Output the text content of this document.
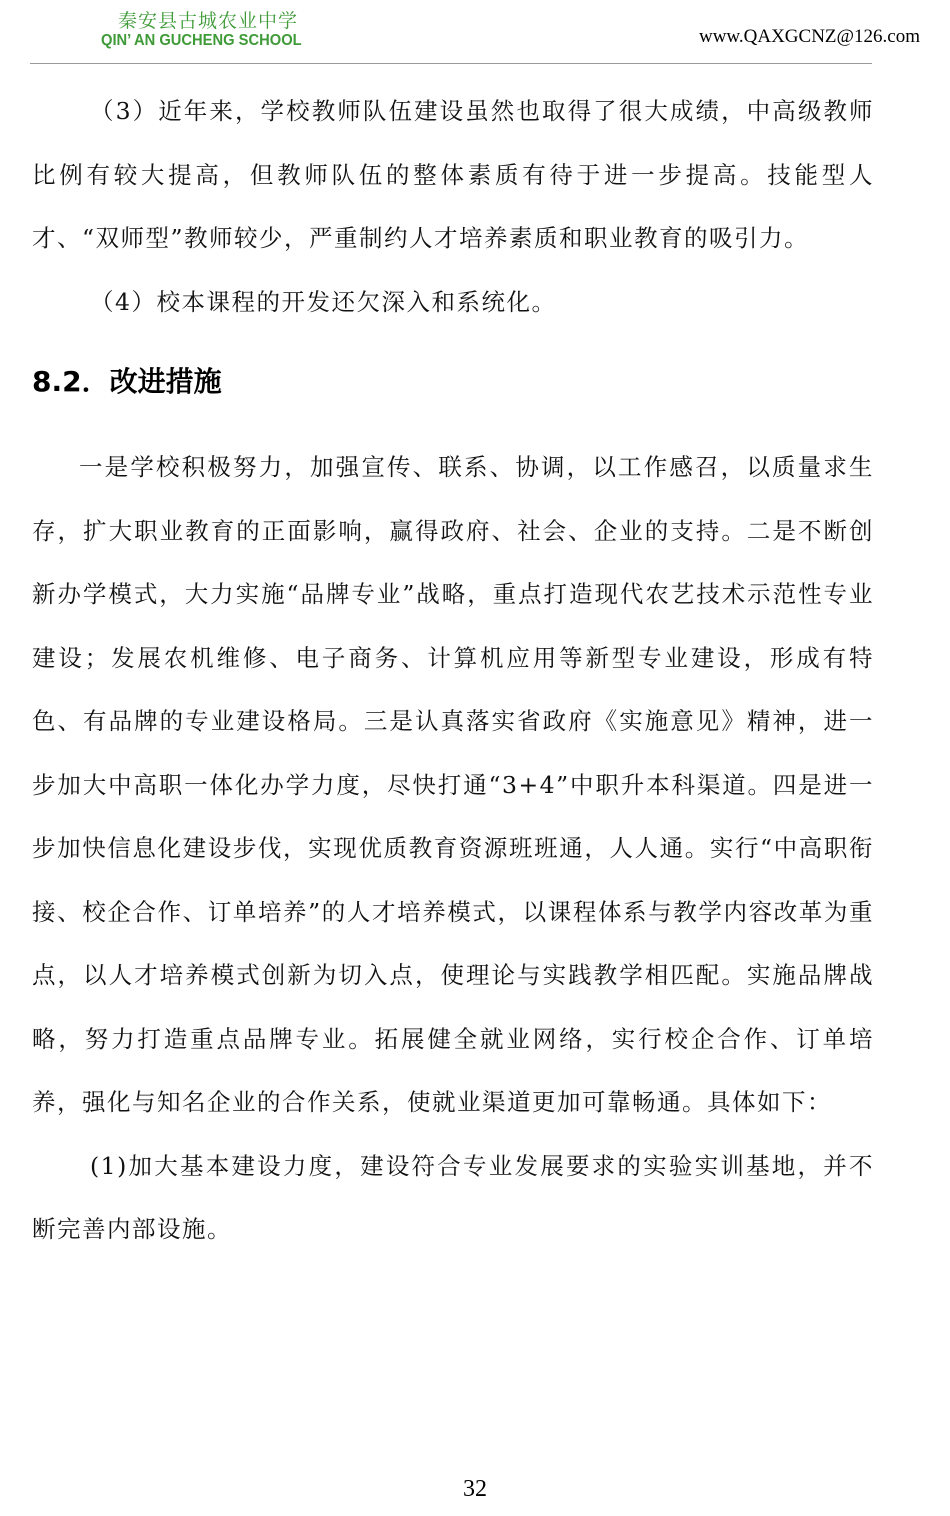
秦安县古城农业中学
QIN’ AN GUCHENG SCHOOL	www.QAXGCNZ@126.com

（3）近年来，学校教师队伍建设虽然也取得了很大成绩，中高级教师比例有较大提高，但教师队伍的整体素质有待于进一步提高。技能型人才、“双师型”教师较少，严重制约人才培养素质和职业教育的吸引力。

（4）校本课程的开发还欠深入和系统化。

8.2．改进措施

一是学校积极努力，加强宣传、联系、协调，以工作感召，以质量求生存，扩大职业教育的正面影响，赢得政府、社会、企业的支持。二是不断创新办学模式，大力实施“品牌专业”战略，重点打造现代农艺技术示范性专业建设；发展农机维修、电子商务、计算机应用等新型专业建设，形成有特色、有品牌的专业建设格局。三是认真落实省政府《实施意见》精神，进一步加大中高职一体化办学力度，尽快打通“3+4”中职升本科渠道。四是进一步加快信息化建设步伐，实现优质教育资源班班通，人人通。实行“中高职衔接、校企合作、订单培养”的人才培养模式，以课程体系与教学内容改革为重点，以人才培养模式创新为切入点，使理论与实践教学相匹配。实施品牌战略，努力打造重点品牌专业。拓展健全就业网络，实行校企合作、订单培养，强化与知名企业的合作关系，使就业渠道更加可靠畅通。具体如下：

(1)加大基本建设力度，建设符合专业发展要求的实验实训基地，并不断完善内部设施。

32
